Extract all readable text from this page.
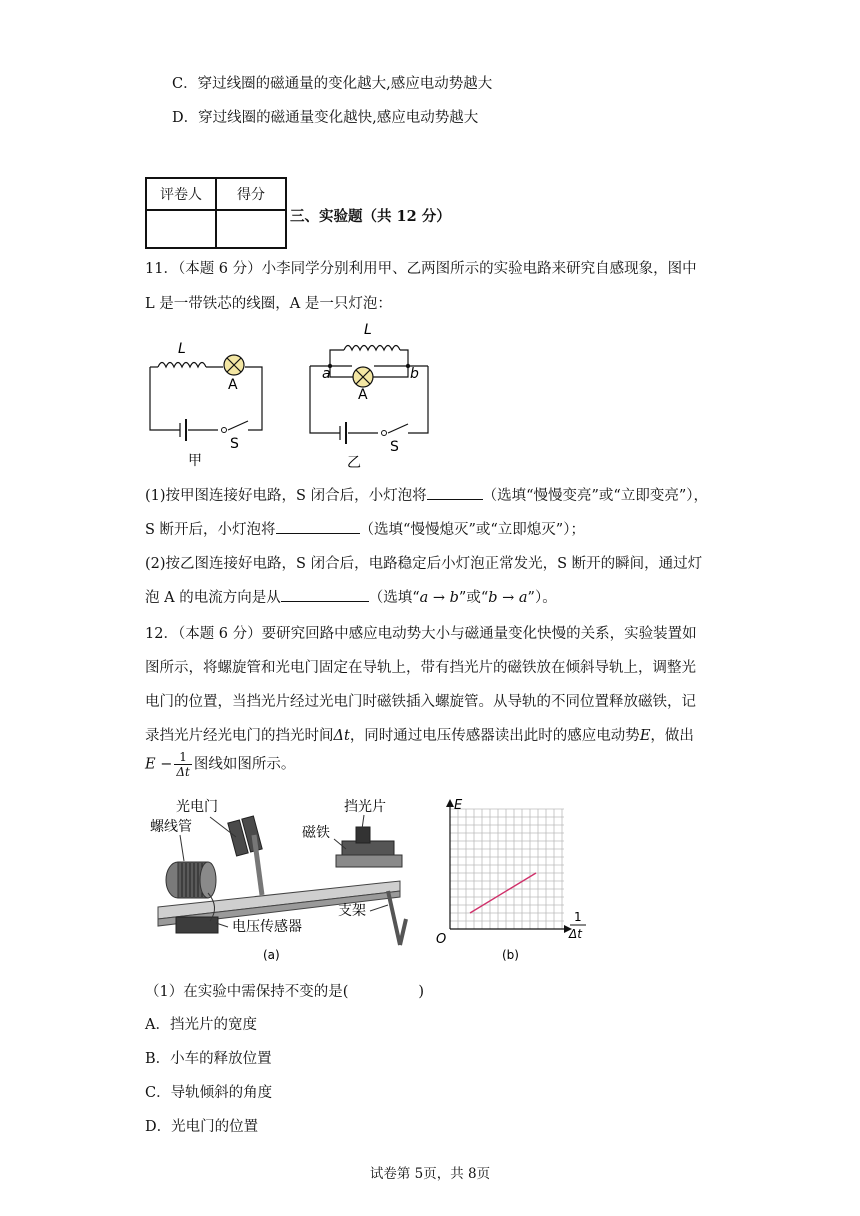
C．穿过线圈的磁通量的变化越大,感应电动势越大
D．穿过线圈的磁通量变化越快,感应电动势越大
评卷人	得分

三、实验题（共 12 分）
11．（本题 6 分）小李同学分别利用甲、乙两图所示的实验电路来研究自感现象，图中
L 是一带铁芯的线圈，A 是一只灯泡：
L
A
S
甲
L
a	b
A
S
乙
(1)按甲图连接好电路，S 闭合后，小灯泡将	（选填“慢慢变亮”或“立即变亮”），
S 断开后，小灯泡将	（选填“慢慢熄灭”或“立即熄灭”）；
(2)按乙图连接好电路，S 闭合后，电路稳定后小灯泡正常发光，S 断开的瞬间，通过灯
泡 A 的电流方向是从	（选填“a → b”或“b → a”）。
12．（本题 6 分）要研究回路中感应电动势大小与磁通量变化快慢的关系，实验装置如
图所示，将螺旋管和光电门固定在导轨上，带有挡光片的磁铁放在倾斜导轨上，调整光
电门的位置，当挡光片经过光电门时磁铁插入螺旋管。从导轨的不同位置释放磁铁，记
录挡光片经光电门的挡光时间Δt，同时通过电压传感器读出此时的感应电动势E，做出
$E - \frac{1}{\Delta t}$ 图线如图所示。
光电门
螺线管
挡光片
磁铁
电压传感器
支架
(a)
E
O
1
Δt
(b)
（1）在实验中需保持不变的是(	)
A．挡光片的宽度
B．小车的释放位置
C．导轨倾斜的角度
D．光电门的位置
试卷第 5页，共 8页
